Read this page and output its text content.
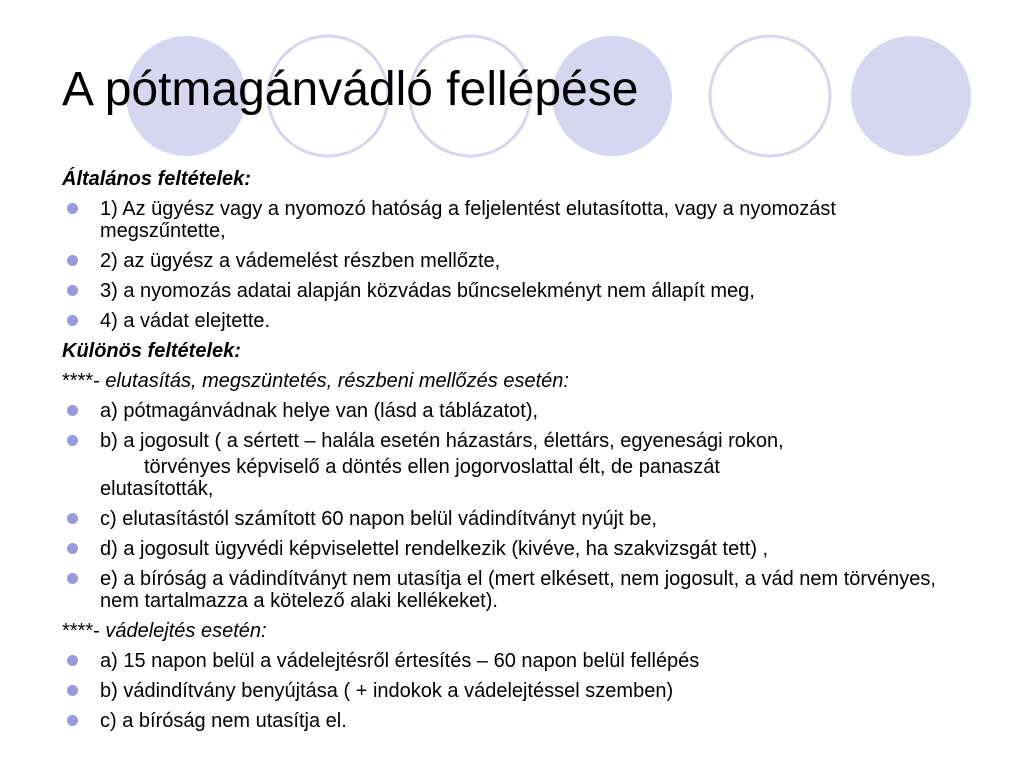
A pótmagánvádló fellépése
Általános feltételek:
1) Az ügyész vagy a nyomozó hatóság a feljelentést elutasította, vagy a nyomozást megszűntette,
2) az ügyész a vádemelést részben mellőzte,
3) a nyomozás adatai alapján közvádas bűncselekményt nem állapít meg,
4) a vádat elejtette.
Különös feltételek:
****- elutasítás, megszüntetés, részbeni mellőzés esetén:
a) pótmagánvádnak helye van (lásd a táblázatot),
b) a jogosult ( a sértett – halála esetén házastárs, élettárs, egyenesági rokon,
törvényes képviselő a döntés ellen jogorvoslattal élt, de panaszát
elutasították,
c) elutasítástól számított 60 napon belül vádindítványt nyújt be,
d) a jogosult ügyvédi képviselettel rendelkezik (kivéve, ha szakvizsgát tett) ,
e) a bíróság a vádindítványt nem utasítja el (mert elkésett, nem jogosult, a vád nem törvényes, nem tartalmazza a kötelező alaki kellékeket).
****- vádelejtés esetén:
a) 15 napon belül a vádelejtésről értesítés – 60 napon belül fellépés
b) vádindítvány benyújtása ( + indokok a vádelejtéssel szemben)
c) a bíróság nem utasítja el.
